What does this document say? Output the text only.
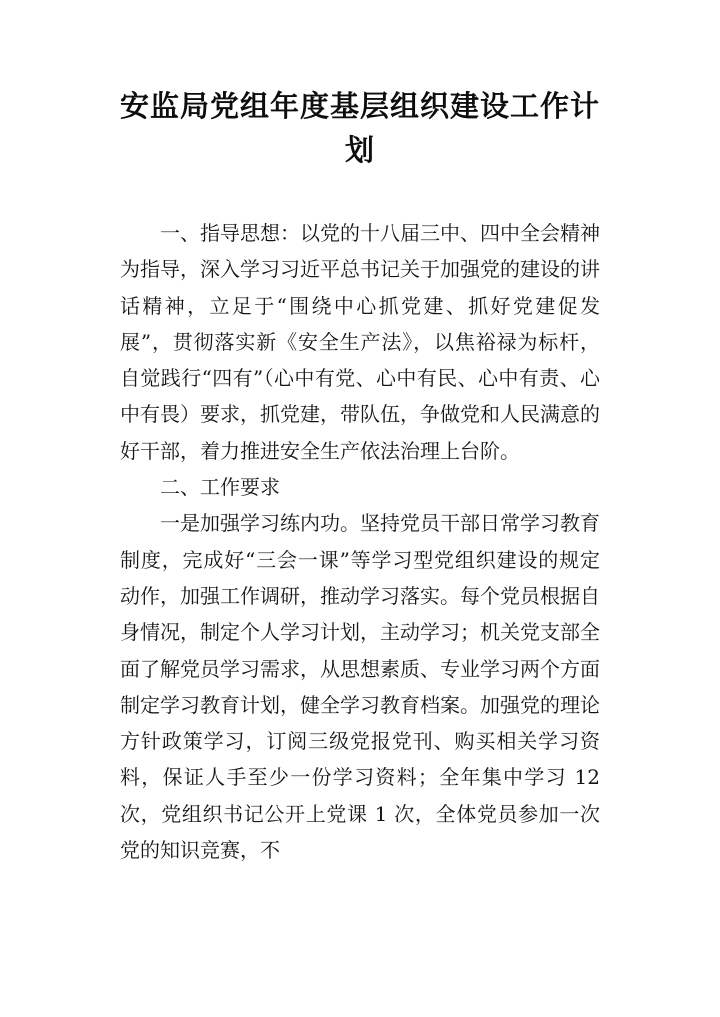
安监局党组年度基层组织建设工作计划

一、指导思想：以党的十八届三中、四中全会精神为指导，深入学习习近平总书记关于加强党的建设的讲话精神，立足于“围绕中心抓党建、抓好党建促发展”，贯彻落实新《安全生产法》，以焦裕禄为标杆，自觉践行“四有”（心中有党、心中有民、心中有责、心中有畏）要求，抓党建，带队伍，争做党和人民满意的好干部，着力推进安全生产依法治理上台阶。

二、工作要求

一是加强学习练内功。坚持党员干部日常学习教育制度，完成好“三会一课”等学习型党组织建设的规定动作，加强工作调研，推动学习落实。每个党员根据自身情况，制定个人学习计划，主动学习；机关党支部全面了解党员学习需求，从思想素质、专业学习两个方面制定学习教育计划，健全学习教育档案。加强党的理论方针政策学习，订阅三级党报党刊、购买相关学习资料，保证人手至少一份学习资料；全年集中学习 12 次，党组织书记公开上党课 1 次，全体党员参加一次党的知识竞赛，不
